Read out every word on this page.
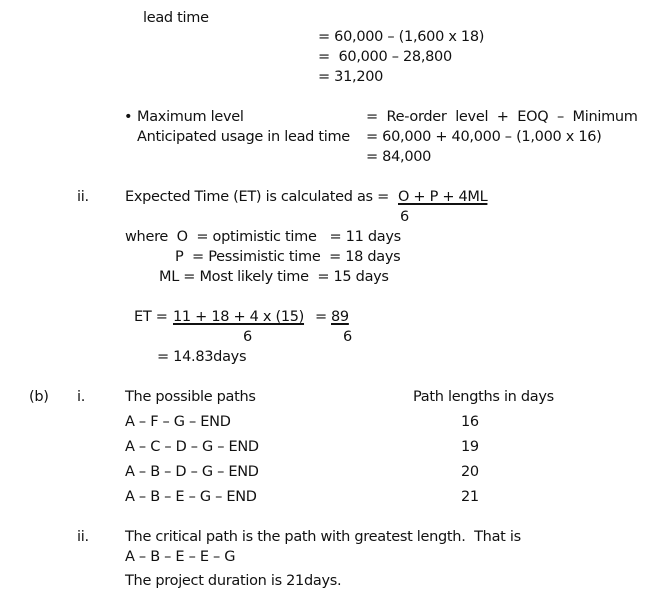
lead time
= 60,000 – (1,600 x 18)
=  60,000 – 28,800
= 31,200
• Maximum level	=  Re-order  level  +  EOQ  –  Minimum
Anticipated usage in lead time = 60,000 + 40,000 – (1,000 x 16)
= 84,000
ii. Expected Time (ET) is calculated as = O + P + 4ML
6
where  O  = optimistic time   = 11 days
P  = Pessimistic time  = 18 days
ML = Most likely time  = 15 days
ET = 11 + 18 + 4 x (15) = 89
6	6
= 14.83days
(b) i.	The possible paths	Path lengths in days
A – F – G – END	16
A – C – D – G – END	19
A – B – D – G – END	20
A – B – E – G – END	21
ii. The critical path is the path with greatest length.  That is
A – B – E – E – G
The project duration is 21days.
